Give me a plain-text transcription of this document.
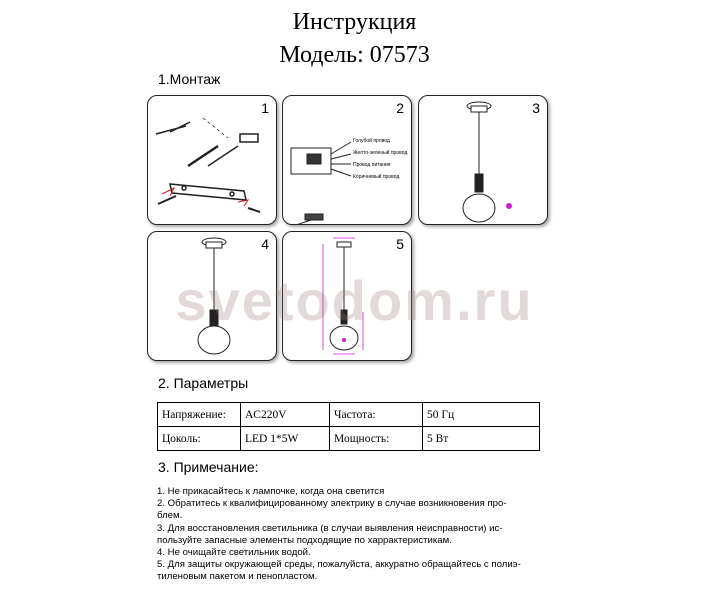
Инструкция
Модель: 07573
1.Монтаж
1	2
Голубой провод
Желто-зеленый провод
Провод питания
Коричневый провод
3
4	5
svetodom.ru
2. Параметры
Напряжение:	AC220V	Частота:	50 Гц
Цоколь:	LED 1*5W	Мощность:	5 Вт
3. Примечание:
1. Не прикасайтесь к лампочке, когда она светится
2. Обратитесь к квалифицированному электрику в случае возникновения про-
блем.
3. Для восстановления светильника (в случаи выявления неисправности) ис-
пользуйте запасные элементы подходящие по харрактеристикам.
4. Не очищайте светильник водой.
5. Для защиты окружающей среды, пожалуйста, аккуратно обращайтесь с полиэ-
тиленовым пакетом и пенопластом.
